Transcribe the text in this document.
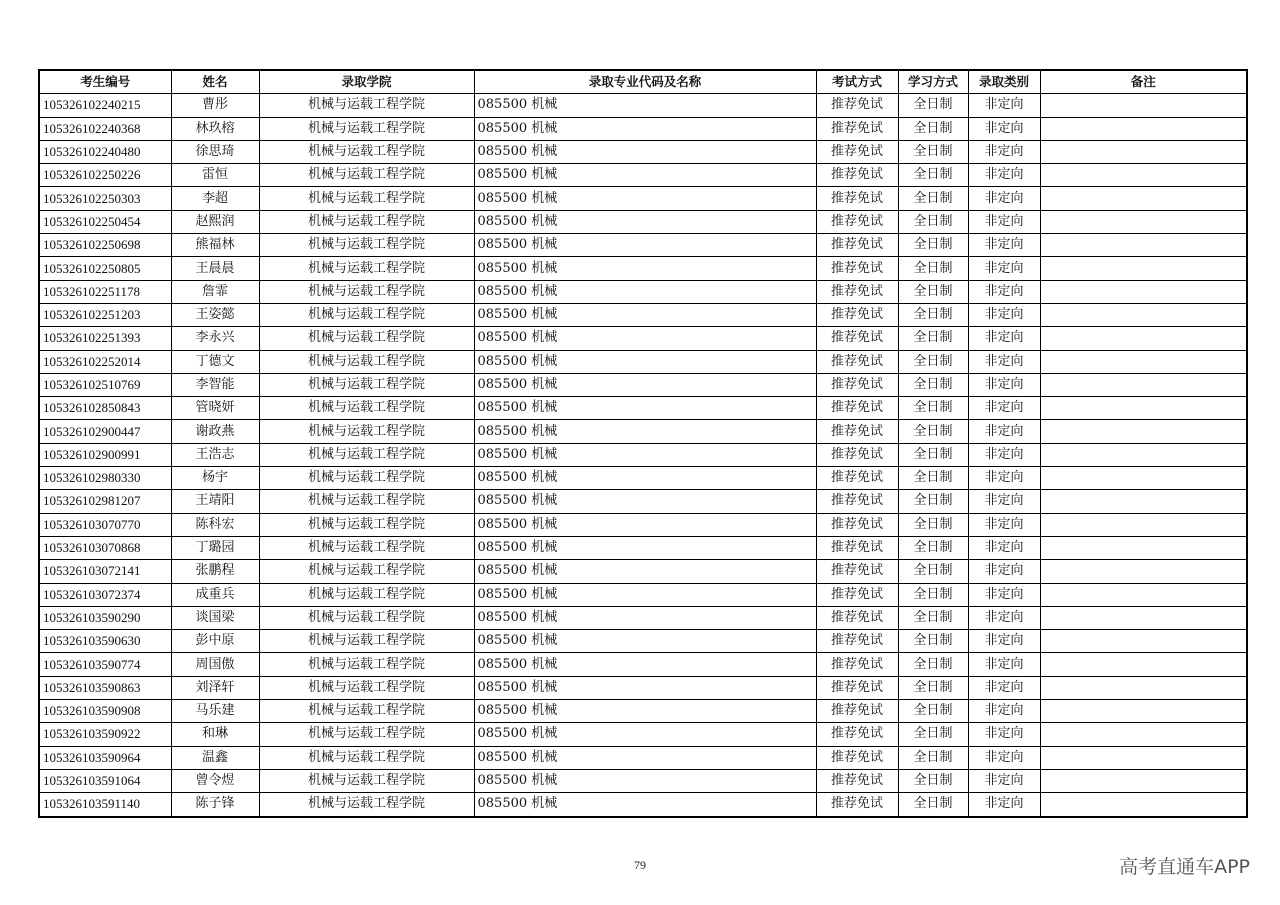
考生编号	姓名	录取学院	录取专业代码及名称	考试方式	学习方式	录取类别	备注
105326102240215	曹彤	机械与运载工程学院	085500 机械	推荐免试	全日制	非定向	
105326102240368	林玖榕	机械与运载工程学院	085500 机械	推荐免试	全日制	非定向	
105326102240480	徐思琦	机械与运载工程学院	085500 机械	推荐免试	全日制	非定向	
105326102250226	雷恒	机械与运载工程学院	085500 机械	推荐免试	全日制	非定向	
105326102250303	李超	机械与运载工程学院	085500 机械	推荐免试	全日制	非定向	
105326102250454	赵熙润	机械与运载工程学院	085500 机械	推荐免试	全日制	非定向	
105326102250698	熊福林	机械与运载工程学院	085500 机械	推荐免试	全日制	非定向	
105326102250805	王晨晨	机械与运载工程学院	085500 机械	推荐免试	全日制	非定向	
105326102251178	詹霏	机械与运载工程学院	085500 机械	推荐免试	全日制	非定向	
105326102251203	王姿懿	机械与运载工程学院	085500 机械	推荐免试	全日制	非定向	
105326102251393	李永兴	机械与运载工程学院	085500 机械	推荐免试	全日制	非定向	
105326102252014	丁德文	机械与运载工程学院	085500 机械	推荐免试	全日制	非定向	
105326102510769	李智能	机械与运载工程学院	085500 机械	推荐免试	全日制	非定向	
105326102850843	管晓妍	机械与运载工程学院	085500 机械	推荐免试	全日制	非定向	
105326102900447	谢政燕	机械与运载工程学院	085500 机械	推荐免试	全日制	非定向	
105326102900991	王浩志	机械与运载工程学院	085500 机械	推荐免试	全日制	非定向	
105326102980330	杨宇	机械与运载工程学院	085500 机械	推荐免试	全日制	非定向	
105326102981207	王靖阳	机械与运载工程学院	085500 机械	推荐免试	全日制	非定向	
105326103070770	陈科宏	机械与运载工程学院	085500 机械	推荐免试	全日制	非定向	
105326103070868	丁璐园	机械与运载工程学院	085500 机械	推荐免试	全日制	非定向	
105326103072141	张鹏程	机械与运载工程学院	085500 机械	推荐免试	全日制	非定向	
105326103072374	成重兵	机械与运载工程学院	085500 机械	推荐免试	全日制	非定向	
105326103590290	谈国梁	机械与运载工程学院	085500 机械	推荐免试	全日制	非定向	
105326103590630	彭中原	机械与运载工程学院	085500 机械	推荐免试	全日制	非定向	
105326103590774	周国傲	机械与运载工程学院	085500 机械	推荐免试	全日制	非定向	
105326103590863	刘泽轩	机械与运载工程学院	085500 机械	推荐免试	全日制	非定向	
105326103590908	马乐建	机械与运载工程学院	085500 机械	推荐免试	全日制	非定向	
105326103590922	和琳	机械与运载工程学院	085500 机械	推荐免试	全日制	非定向	
105326103590964	温鑫	机械与运载工程学院	085500 机械	推荐免试	全日制	非定向	
105326103591064	曾令煜	机械与运载工程学院	085500 机械	推荐免试	全日制	非定向	
105326103591140	陈子锋	机械与运载工程学院	085500 机械	推荐免试	全日制	非定向	
79	高考直通车APP
